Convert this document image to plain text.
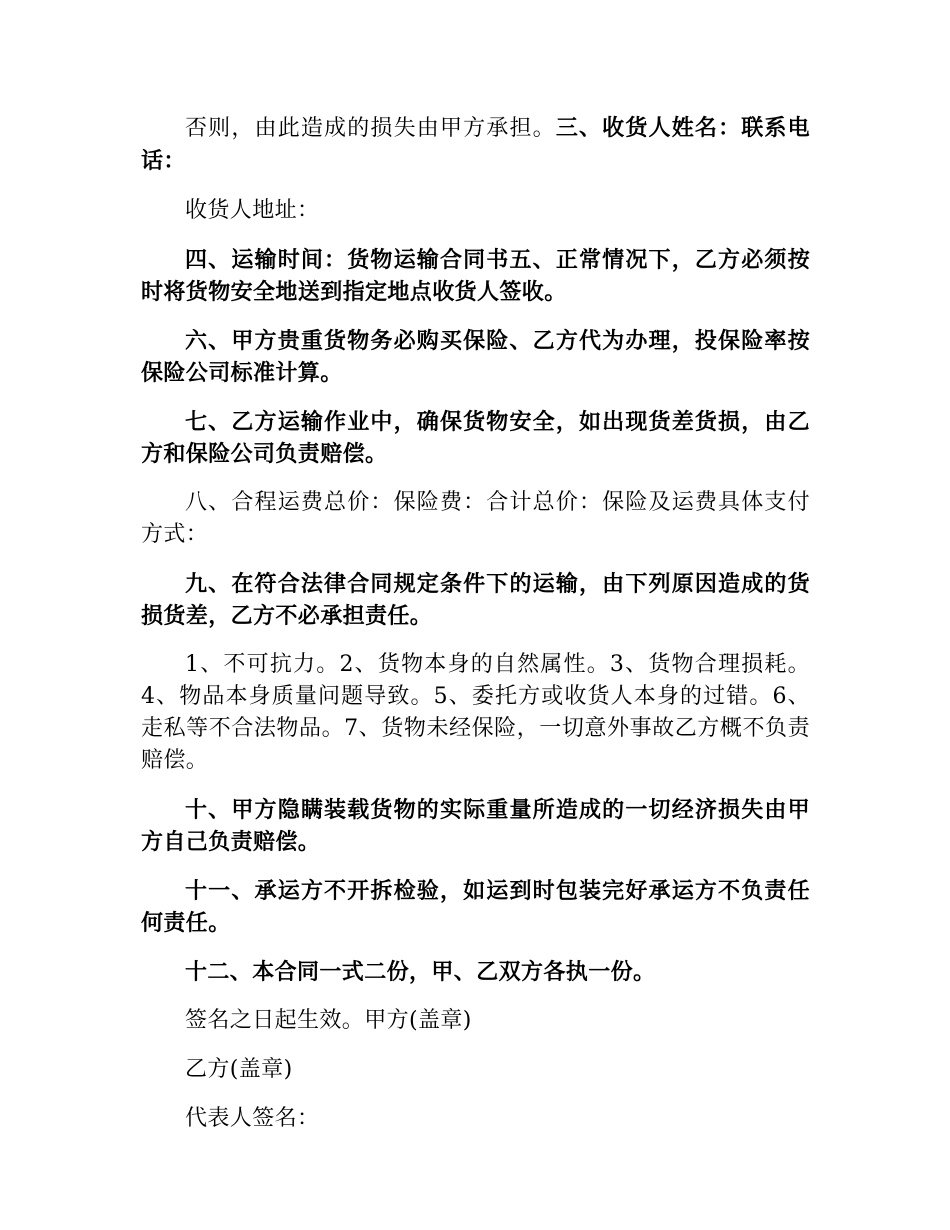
否则，由此造成的损失由甲方承担。三、收货人姓名：联系电话：

收货人地址：

四、运输时间：货物运输合同书五、正常情况下，乙方必须按时将货物安全地送到指定地点收货人签收。

六、甲方贵重货物务必购买保险、乙方代为办理，投保险率按保险公司标准计算。

七、乙方运输作业中，确保货物安全，如出现货差货损，由乙方和保险公司负责赔偿。

八、合程运费总价：保险费：合计总价：保险及运费具体支付方式：

九、在符合法律合同规定条件下的运输，由下列原因造成的货损货差，乙方不必承担责任。

1、不可抗力。2、货物本身的自然属性。3、货物合理损耗。4、物品本身质量问题导致。5、委托方或收货人本身的过错。6、走私等不合法物品。7、货物未经保险，一切意外事故乙方概不负责赔偿。

十、甲方隐瞒装载货物的实际重量所造成的一切经济损失由甲方自己负责赔偿。

十一、承运方不开拆检验，如运到时包装完好承运方不负责任何责任。

十二、本合同一式二份，甲、乙双方各执一份。

签名之日起生效。甲方(盖章)

乙方(盖章)

代表人签名：
